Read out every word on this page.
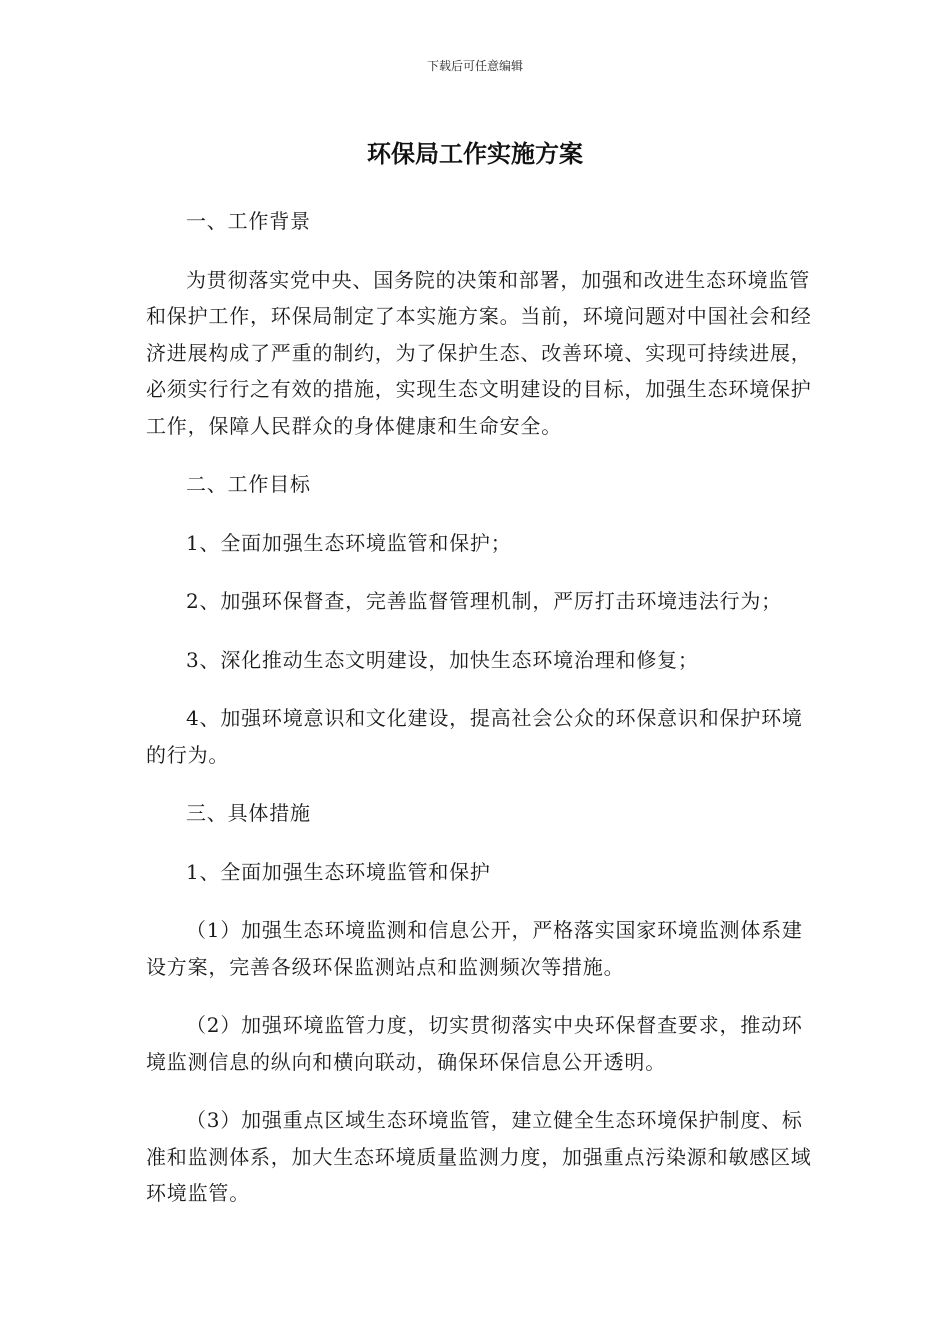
下载后可任意编辑
环保局工作实施方案

一、工作背景

为贯彻落实党中央、国务院的决策和部署，加强和改进生态环境监管和保护工作，环保局制定了本实施方案。当前，环境问题对中国社会和经济进展构成了严重的制约，为了保护生态、改善环境、实现可持续进展，必须实行行之有效的措施，实现生态文明建设的目标，加强生态环境保护工作，保障人民群众的身体健康和生命安全。

二、工作目标

1、全面加强生态环境监管和保护；

2、加强环保督查，完善监督管理机制，严厉打击环境违法行为；

3、深化推动生态文明建设，加快生态环境治理和修复；

4、加强环境意识和文化建设，提高社会公众的环保意识和保护环境的行为。

三、具体措施

1、全面加强生态环境监管和保护

（1）加强生态环境监测和信息公开，严格落实国家环境监测体系建设方案，完善各级环保监测站点和监测频次等措施。

（2）加强环境监管力度，切实贯彻落实中央环保督查要求，推动环境监测信息的纵向和横向联动，确保环保信息公开透明。

（3）加强重点区域生态环境监管，建立健全生态环境保护制度、标准和监测体系，加大生态环境质量监测力度，加强重点污染源和敏感区域环境监管。
